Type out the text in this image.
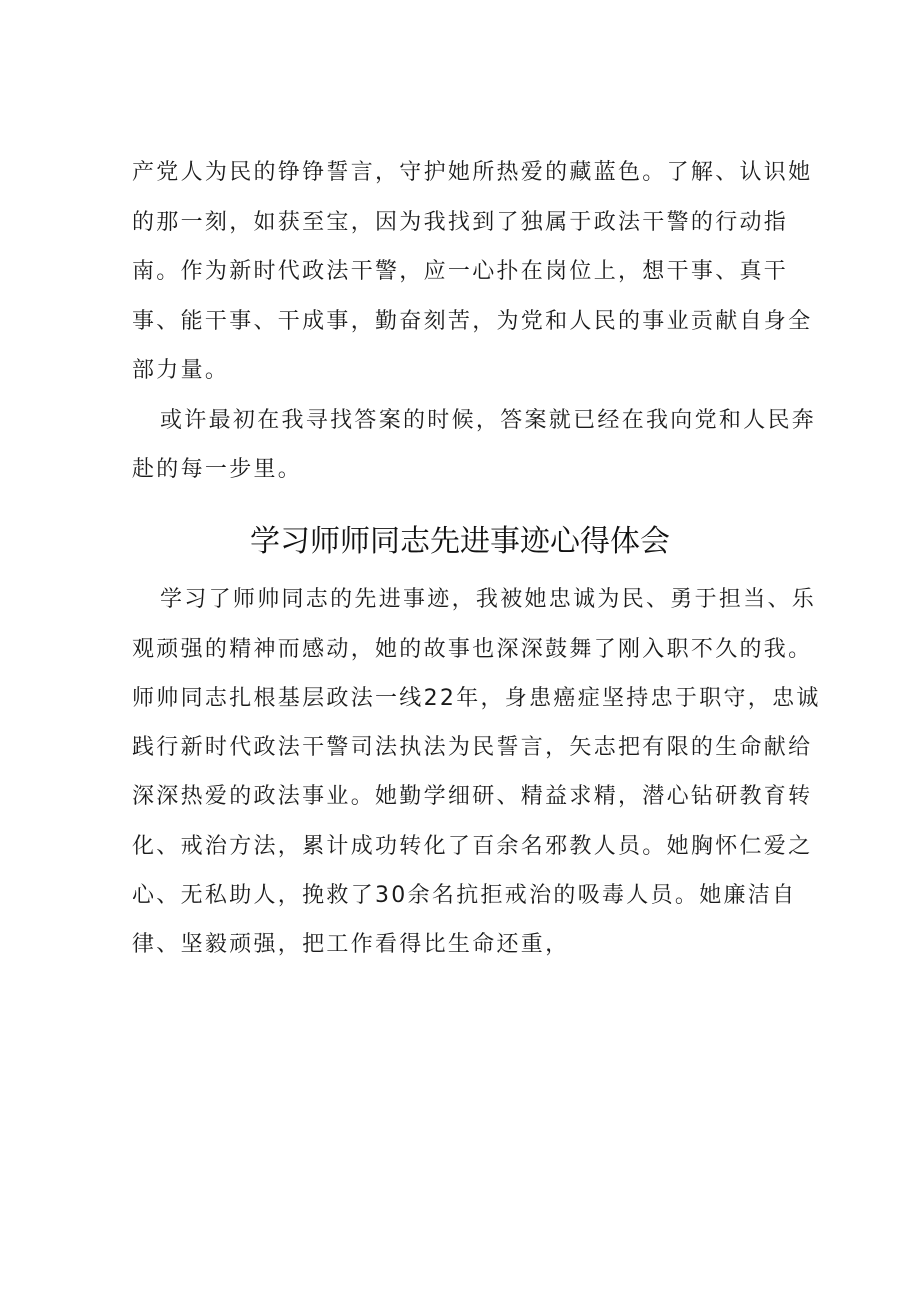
产党人为民的铮铮誓言，守护她所热爱的藏蓝色。了解、认识她
的那一刻，如获至宝，因为我找到了独属于政法干警的行动指
南。作为新时代政法干警，应一心扑在岗位上，想干事、真干
事、能干事、干成事，勤奋刻苦，为党和人民的事业贡献自身全
部力量。
或许最初在我寻找答案的时候，答案就已经在我向党和人民奔
赴的每一步里。
学习师师同志先进事迹心得体会
学习了师帅同志的先进事迹，我被她忠诚为民、勇于担当、乐
观顽强的精神而感动，她的故事也深深鼓舞了刚入职不久的我。
师帅同志扎根基层政法一线22年，身患癌症坚持忠于职守，忠诚
践行新时代政法干警司法执法为民誓言，矢志把有限的生命献给
深深热爱的政法事业。她勤学细研、精益求精，潜心钻研教育转
化、戒治方法，累计成功转化了百余名邪教人员。她胸怀仁爱之
心、无私助人，挽救了30余名抗拒戒治的吸毒人员。她廉洁自
律、坚毅顽强，把工作看得比生命还重，
